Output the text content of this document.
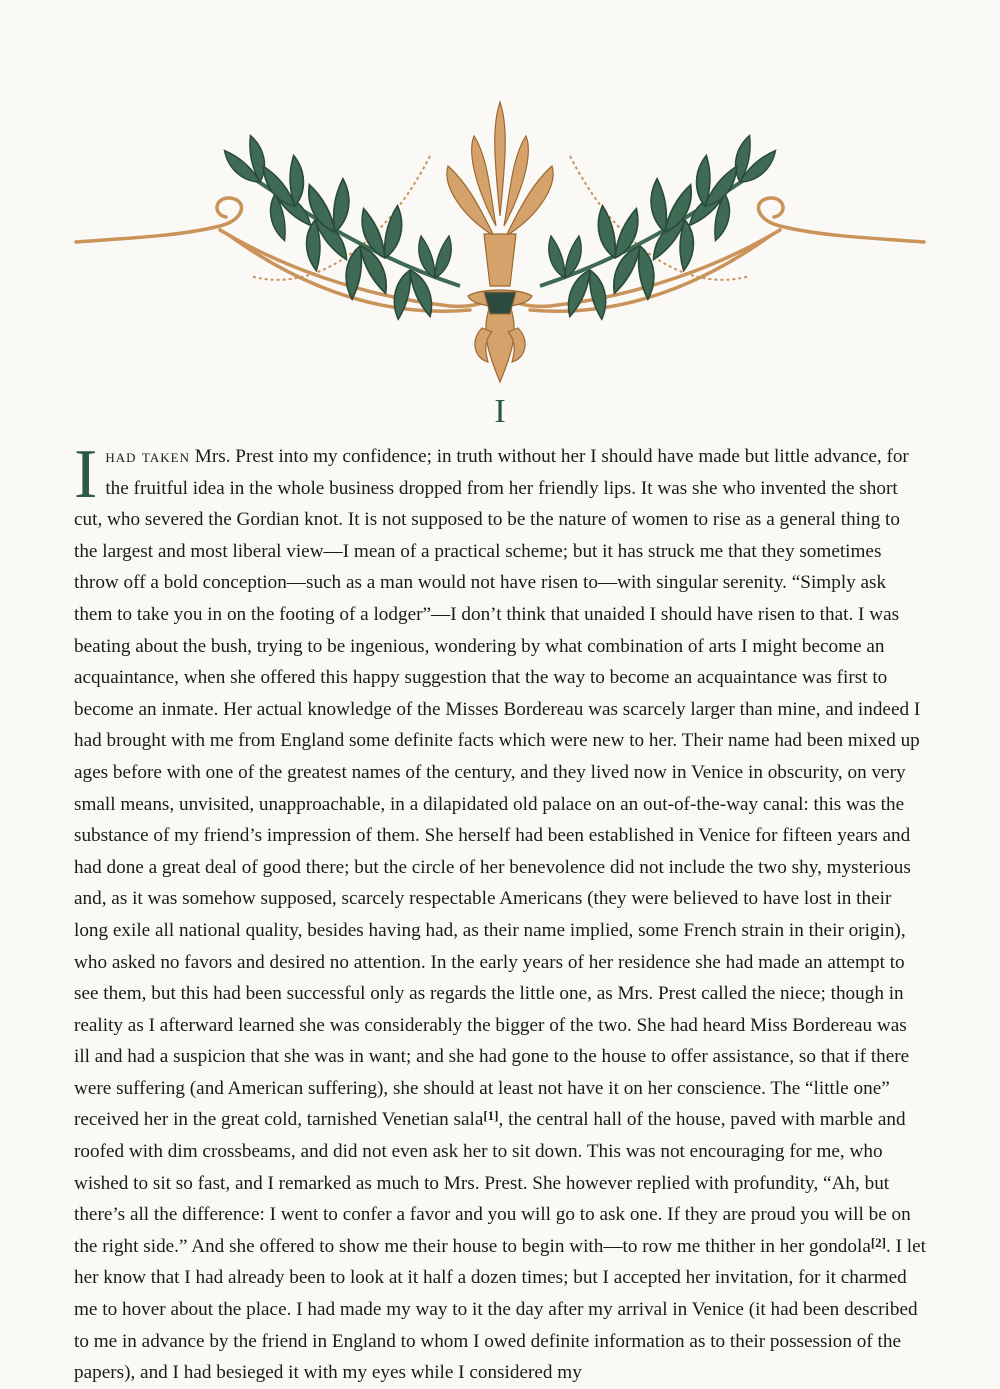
I

Ihad taken Mrs. Prest into my confidence; in truth without her I should have made but little advance, for the fruitful idea in the whole business dropped from her friendly lips. It was she who invented the short cut, who severed the Gordian knot. It is not supposed to be the nature of women to rise as a general thing to the largest and most liberal view—I mean of a practical scheme; but it has struck me that they sometimes throw off a bold conception—such as a man would not have risen to—with singular serenity. “Simply ask them to take you in on the footing of a lodger”—I don’t think that unaided I should have risen to that. I was beating about the bush, trying to be ingenious, wondering by what combination of arts I might become an acquaintance, when she offered this happy suggestion that the way to become an acquaintance was first to become an inmate. Her actual knowledge of the Misses Bordereau was scarcely larger than mine, and indeed I had brought with me from England some definite facts which were new to her. Their name had been mixed up ages before with one of the greatest names of the century, and they lived now in Venice in obscurity, on very small means, unvisited, unapproachable, in a dilapidated old palace on an out-of-the-way canal: this was the substance of my friend’s impression of them. She herself had been established in Venice for fifteen years and had done a great deal of good there; but the circle of her benevolence did not include the two shy, mysterious and, as it was somehow supposed, scarcely respectable Americans (they were believed to have lost in their long exile all national quality, besides having had, as their name implied, some French strain in their origin), who asked no favors and desired no attention. In the early years of her residence she had made an attempt to see them, but this had been successful only as regards the little one, as Mrs. Prest called the niece; though in reality as I afterward learned she was considerably the bigger of the two. She had heard Miss Bordereau was ill and had a suspicion that she was in want; and she had gone to the house to offer assistance, so that if there were suffering (and American suffering), she should at least not have it on her conscience. The “little one” received her in the great cold, tarnished Venetian sala[1], the central hall of the house, paved with marble and roofed with dim crossbeams, and did not even ask her to sit down. This was not encouraging for me, who wished to sit so fast, and I remarked as much to Mrs. Prest. She however replied with profundity, “Ah, but there’s all the difference: I went to confer a favor and you will go to ask one. If they are proud you will be on the right side.” And she offered to show me their house to begin with—to row me thither in her gondola[2]. I let her know that I had already been to look at it half a dozen times; but I accepted her invitation, for it charmed me to hover about the place. I had made my way to it the day after my arrival in Venice (it had been described to me in advance by the friend in England to whom I owed definite information as to their possession of the papers), and I had besieged it with my eyes while I considered my
